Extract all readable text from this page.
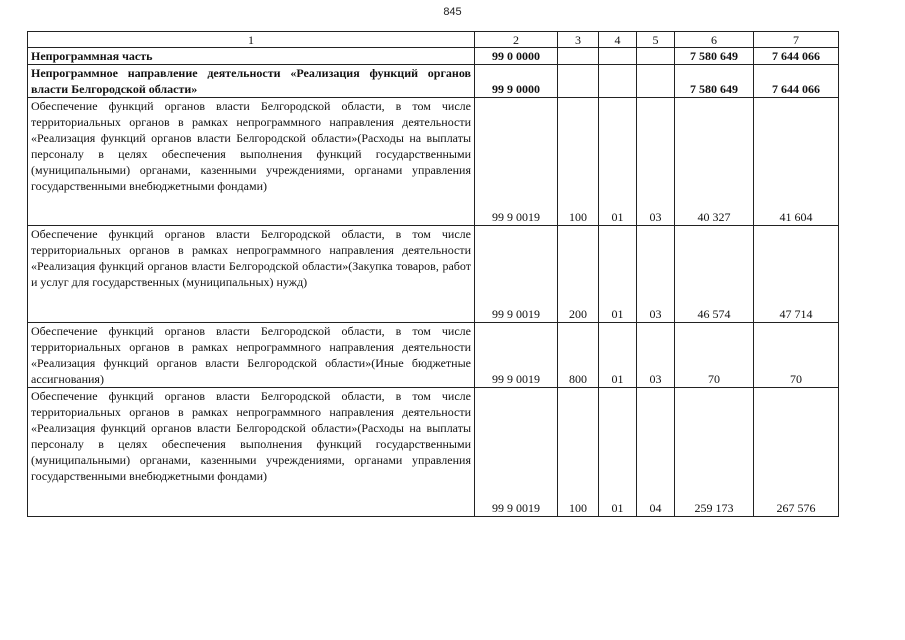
845
1	2	3	4	5	6	7
Непрограммная часть	99 0 0000				7 580 649	7 644 066
Непрограммное направление деятельности «Реализация функций органов власти Белгородской области»	99 9 0000				7 580 649	7 644 066
Обеспечение функций органов власти Белгородской области, в том числе территориальных органов в рамках непрограммного направления деятельности «Реализация функций органов власти Белгородской области»(Расходы на выплаты персоналу в целях обеспечения выполнения функций государственными (муниципальными) органами, казенными учреждениями, органами управления государственными внебюджетными фондами)	99 9 0019	100	01	03	40 327	41 604
Обеспечение функций органов власти Белгородской области, в том числе территориальных органов в рамках непрограммного направления деятельности «Реализация функций органов власти Белгородской области»(Закупка товаров, работ и услуг для государственных (муниципальных) нужд)	99 9 0019	200	01	03	46 574	47 714
Обеспечение функций органов власти Белгородской области, в том числе территориальных органов в рамках непрограммного направления деятельности «Реализация функций органов власти Белгородской области»(Иные бюджетные ассигнования)	99 9 0019	800	01	03	70	70
Обеспечение функций органов власти Белгородской области, в том числе территориальных органов в рамках непрограммного направления деятельности «Реализация функций органов власти Белгородской области»(Расходы на выплаты персоналу в целях обеспечения выполнения функций государственными (муниципальными) органами, казенными учреждениями, органами управления государственными внебюджетными фондами)	99 9 0019	100	01	04	259 173	267 576
